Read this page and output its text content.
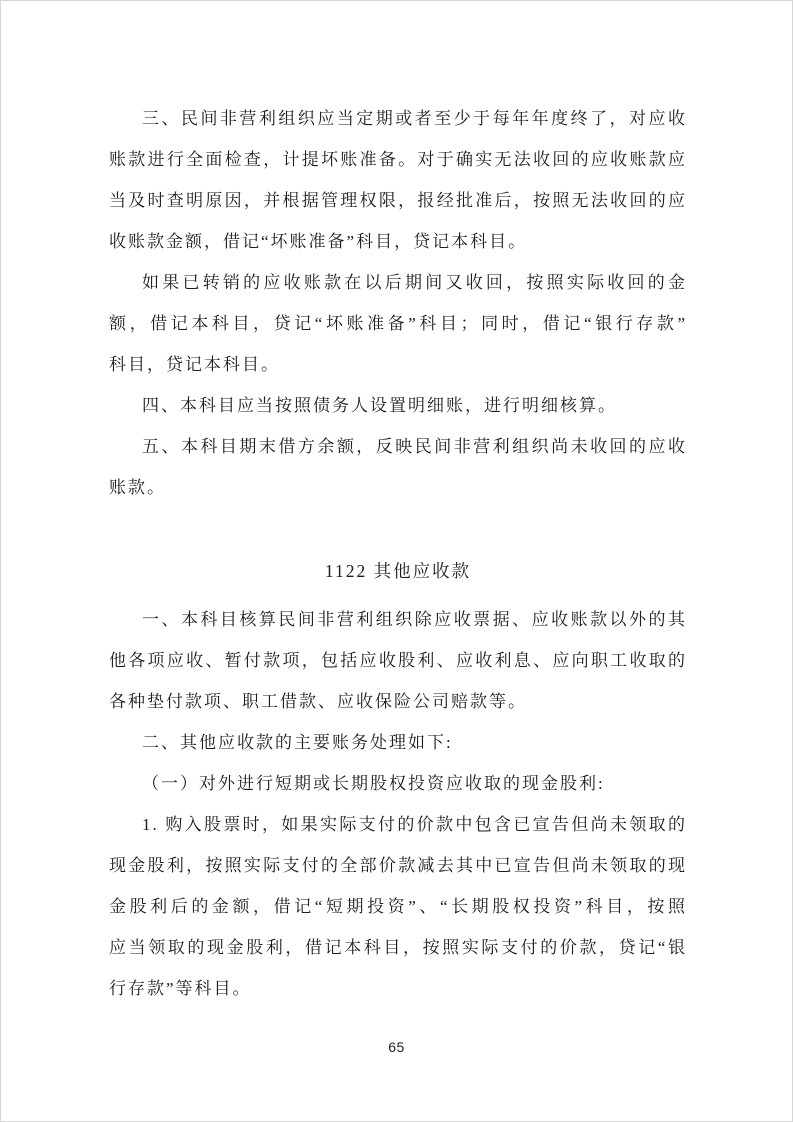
三、民间非营利组织应当定期或者至少于每年年度终了，对应收
账款进行全面检查，计提坏账准备。对于确实无法收回的应收账款应
当及时查明原因，并根据管理权限，报经批准后，按照无法收回的应
收账款金额，借记“坏账准备”科目，贷记本科目。
如果已转销的应收账款在以后期间又收回，按照实际收回的金
额，借记本科目，贷记“坏账准备”科目；同时，借记“银行存款”
科目，贷记本科目。
四、本科目应当按照债务人设置明细账，进行明细核算。
五、本科目期末借方余额，反映民间非营利组织尚未收回的应收
账款。
1122 其他应收款
一、本科目核算民间非营利组织除应收票据、应收账款以外的其
他各项应收、暂付款项，包括应收股利、应收利息、应向职工收取的
各种垫付款项、职工借款、应收保险公司赔款等。
二、其他应收款的主要账务处理如下:
（一）对外进行短期或长期股权投资应收取的现金股利:
1. 购入股票时，如果实际支付的价款中包含已宣告但尚未领取的
现金股利，按照实际支付的全部价款减去其中已宣告但尚未领取的现
金股利后的金额，借记“短期投资”、“长期股权投资”科目，按照
应当领取的现金股利，借记本科目，按照实际支付的价款，贷记“银
行存款”等科目。
65
